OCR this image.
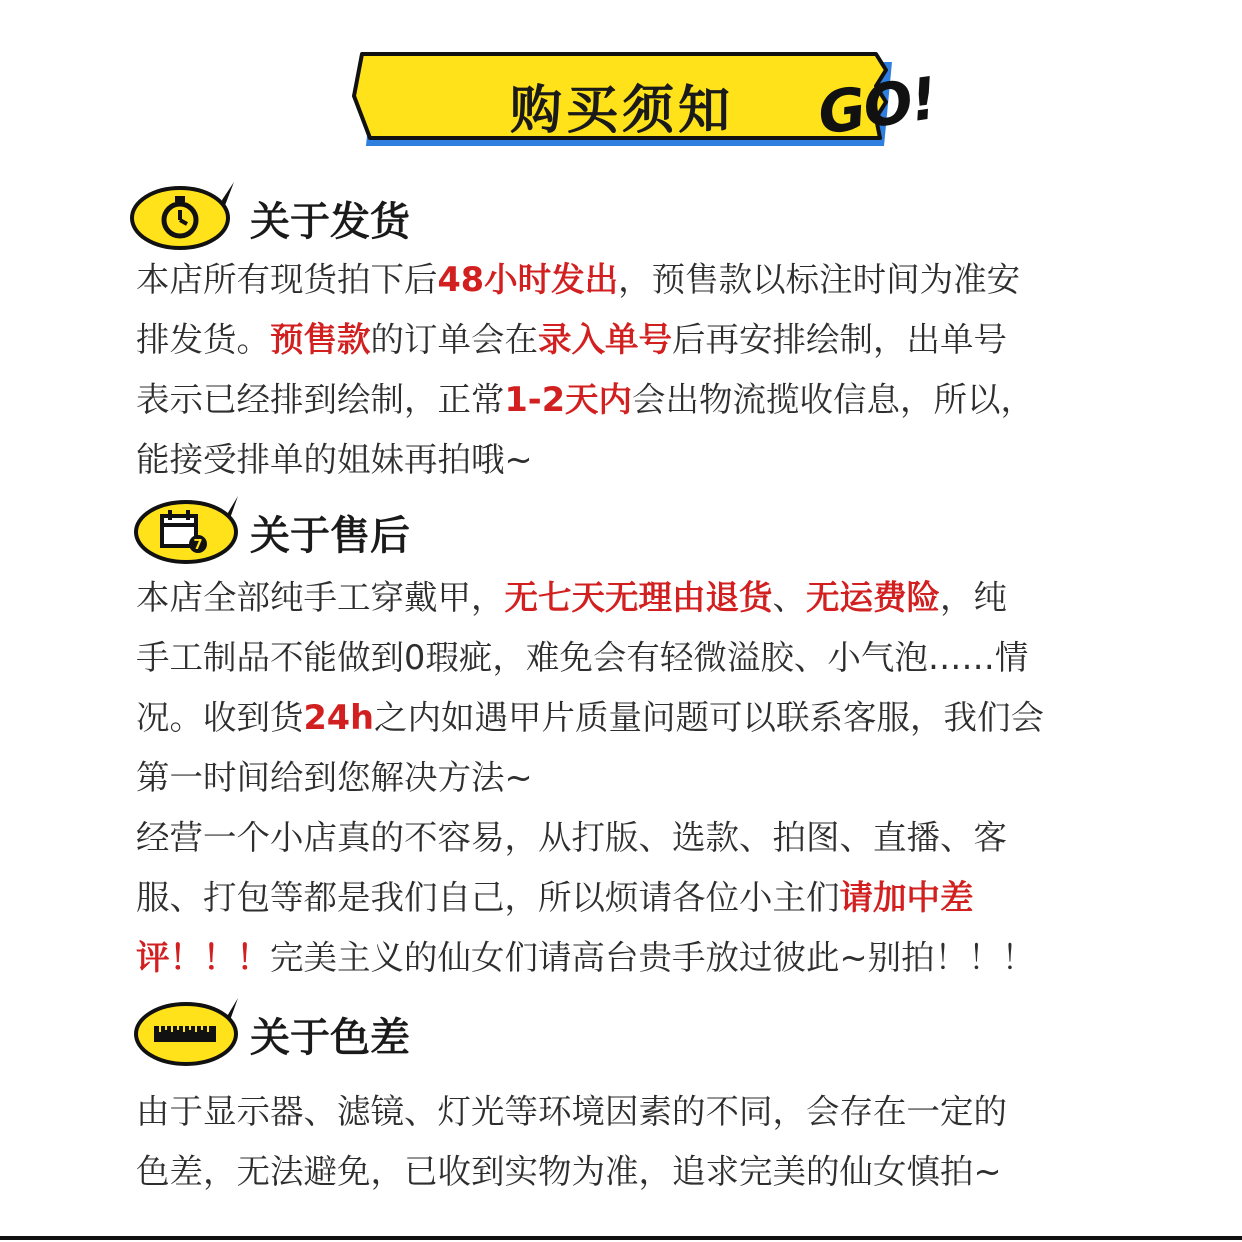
购买须知	GO!
关于发货
本店所有现货拍下后48小时发出，预售款以标注时间为准安
排发货。预售款的订单会在录入单号后再安排绘制，出单号
表示已经排到绘制，正常1-2天内会出物流揽收信息，所以，
能接受排单的姐妹再拍哦~
7 关于售后
本店全部纯手工穿戴甲，无七天无理由退货、无运费险，纯
手工制品不能做到0瑕疵，难免会有轻微溢胶、小气泡……情
况。收到货24h之内如遇甲片质量问题可以联系客服，我们会
第一时间给到您解决方法~
经营一个小店真的不容易，从打版、选款、拍图、直播、客
服、打包等都是我们自己，所以烦请各位小主们请加中差
评！！！完美主义的仙女们请高台贵手放过彼此~别拍！！！
关于色差
由于显示器、滤镜、灯光等环境因素的不同，会存在一定的
色差，无法避免，已收到实物为准，追求完美的仙女慎拍~
